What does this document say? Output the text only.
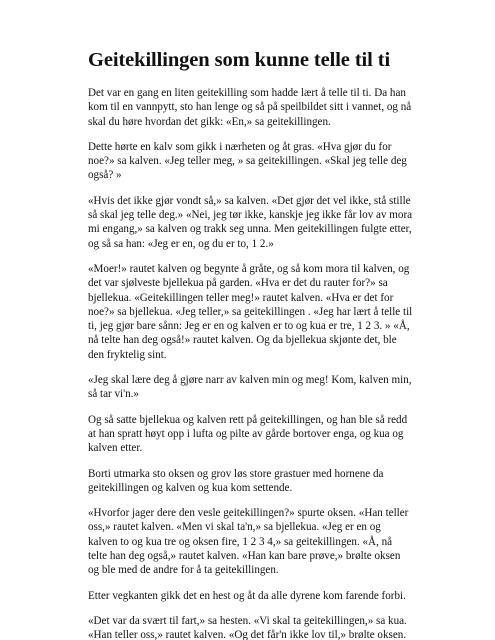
Geitekillingen som kunne telle til ti

Det var en gang en liten geitekilling som hadde lært å telle til ti. Da han kom til en vannpytt, sto han lenge og så på speilbildet sitt i vannet, og nå skal du høre hvordan det gikk: «En,» sa geitekillingen.

Dette hørte en kalv som gikk i nærheten og åt gras. «Hva gjør du for noe?» sa kalven. «Jeg teller meg, » sa geitekillingen. «Skal jeg telle deg også? »

«Hvis det ikke gjør vondt så,» sa kalven. «Det gjør det vel ikke, stå stille så skal jeg telle deg.» «Nei, jeg tør ikke, kanskje jeg ikke får lov av mora mi engang,» sa kalven og trakk seg unna. Men geitekillingen fulgte etter, og så sa han: «Jeg er en, og du er to, 1 2.»

«Moer!» rautet kalven og begynte å gråte, og så kom mora til kalven, og det var sjølveste bjellekua på garden. «Hva er det du rauter for?» sa bjellekua. «Geitekillingen teller meg!» rautet kalven. «Hva er det for noe?» sa bjellekua. «Jeg teller,» sa geitekillingen . «Jeg har lært å telle til ti, jeg gjør bare sånn: Jeg er en og kalven er to og kua er tre, 1 2 3. » «Å, nå telte han deg også!» rautet kalven. Og da bjellekua skjønte det, ble den fryktelig sint.

«Jeg skal lære deg å gjøre narr av kalven min og meg! Kom, kalven min, så tar vi'n.»

Og så satte bjellekua og kalven rett på geitekillingen, og han ble så redd at han spratt høyt opp i lufta og pilte av gårde bortover enga, og kua og kalven etter.

Borti utmarka sto oksen og grov løs store grastuer med hornene da geitekillingen og kalven og kua kom settende.

«Hvorfor jager dere den vesle geitekillingen?» spurte oksen. «Han teller oss,» rautet kalven. «Men vi skal ta'n,» sa bjellekua. «Jeg er en og kalven to og kua tre og oksen fire, 1 2 3 4,» sa geitekillingen. «Å, nå telte han deg også,» rautet kalven. «Han kan bare prøve,» brølte oksen og ble med de andre for å ta geitekillingen.

Etter vegkanten gikk det en hest og åt da alle dyrene kom farende forbi.

«Det var da svært til fart,» sa hesten. «Vi skal ta geitekillingen,» sa kua. «Han teller oss,» rautet kalven. «Og det får'n ikke lov til,» brølte oksen.
